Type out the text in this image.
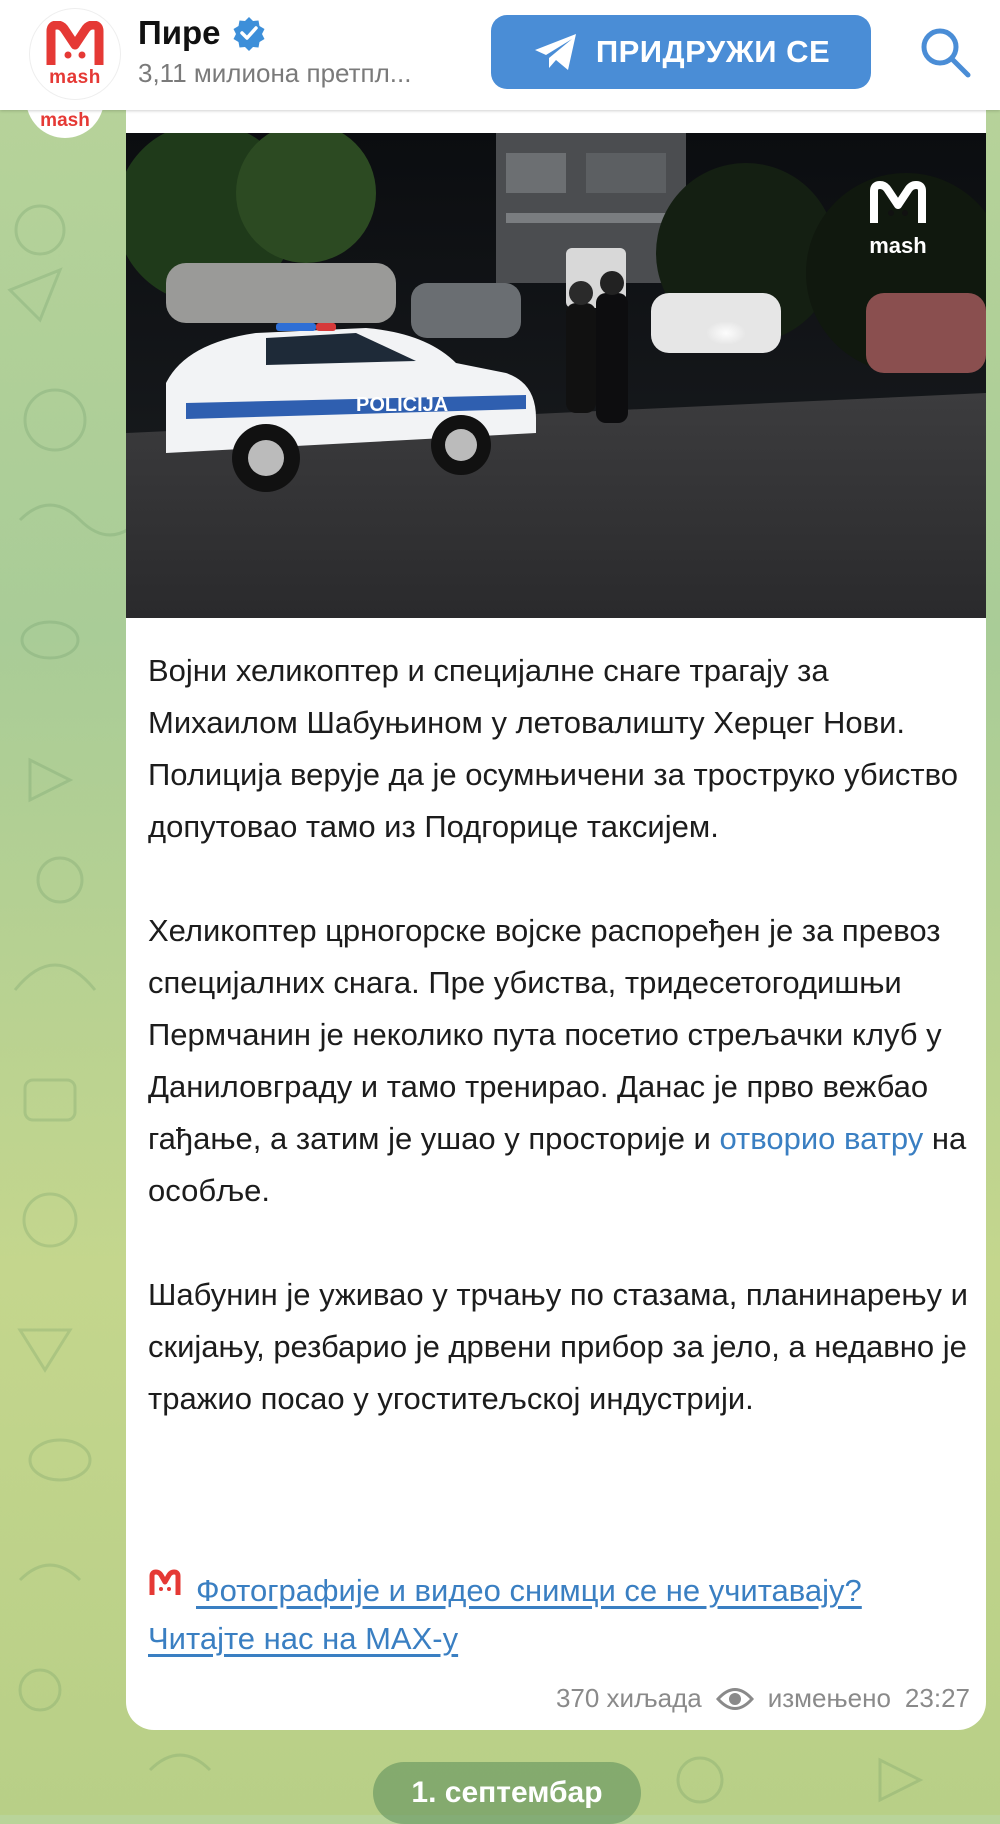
mash
Пире
3,11 милиона претпл...
ПРИДРУЖИ СЕ
mash
POLICIJA
mash

Војни хеликоптер и специјалне снаге трагају за Михаилом Шабуњином у летовалишту Херцег Нови. Полиција верује да је осумњичени за троструко убиство допутовао тамо из Подгорице таксијем.

Хеликоптер црногорске војске распоређен је за превоз специјалних снага. Пре убиства, тридесетогодишњи Пермчанин је неколико пута посетио стрељачки клуб у Даниловграду и тамо тренирао. Данас је прво вежбао гађање, а затим је ушао у просторије и отворио ватру на особље.

Шабунин је уживао у трчању по стазама, планинарењу и скијању, резбарио је дрвени прибор за јело, а недавно је тражио посао у угоститељској индустрији.

Фотографије и видео снимци се не учитавају? Читајте нас на МАХ-у
370 хиљада	измењено 23:27
1. септембар
